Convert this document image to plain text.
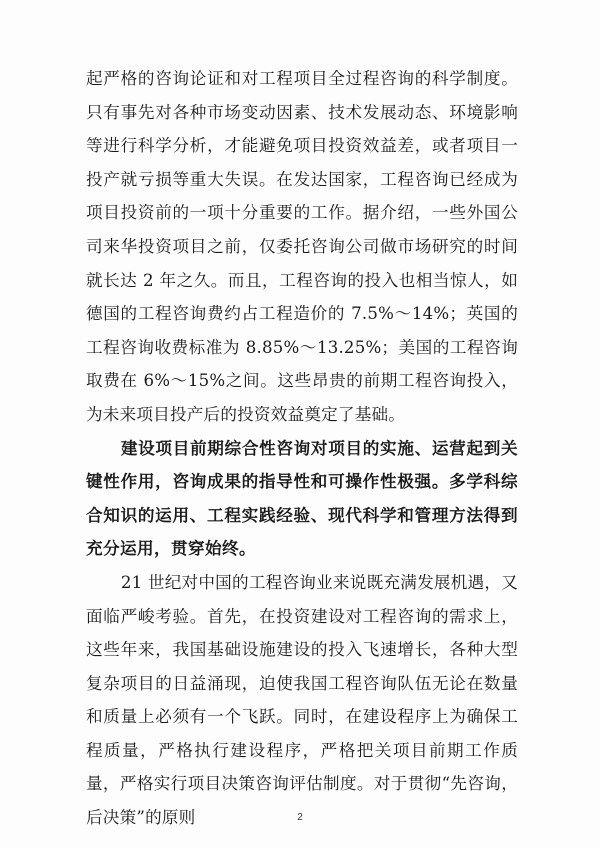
起严格的咨询论证和对工程项目全过程咨询的科学制度。只有事先对各种市场变动因素、技术发展动态、环境影响等进行科学分析，才能避免项目投资效益差，或者项目一投产就亏损等重大失误。在发达国家，工程咨询已经成为项目投资前的一项十分重要的工作。据介绍，一些外国公司来华投资项目之前，仅委托咨询公司做市场研究的时间就长达 2 年之久。而且，工程咨询的投入也相当惊人，如德国的工程咨询费约占工程造价的 7.5%～14%；英国的工程咨询收费标准为 8.85%～13.25%；美国的工程咨询取费在 6%～15%之间。这些昂贵的前期工程咨询投入，为未来项目投产后的投资效益奠定了基础。

建设项目前期综合性咨询对项目的实施、运营起到关键性作用，咨询成果的指导性和可操作性极强。多学科综合知识的运用、工程实践经验、现代科学和管理方法得到充分运用，贯穿始终。

21 世纪对中国的工程咨询业来说既充满发展机遇，又面临严峻考验。首先，在投资建设对工程咨询的需求上，这些年来，我国基础设施建设的投入飞速增长，各种大型复杂项目的日益涌现，迫使我国工程咨询队伍无论在数量和质量上必须有一个飞跃。同时，在建设程序上为确保工程质量，严格执行建设程序，严格把关项目前期工作质量，严格实行项目决策咨询评估制度。对于贯彻“先咨询，后决策”的原则	2
